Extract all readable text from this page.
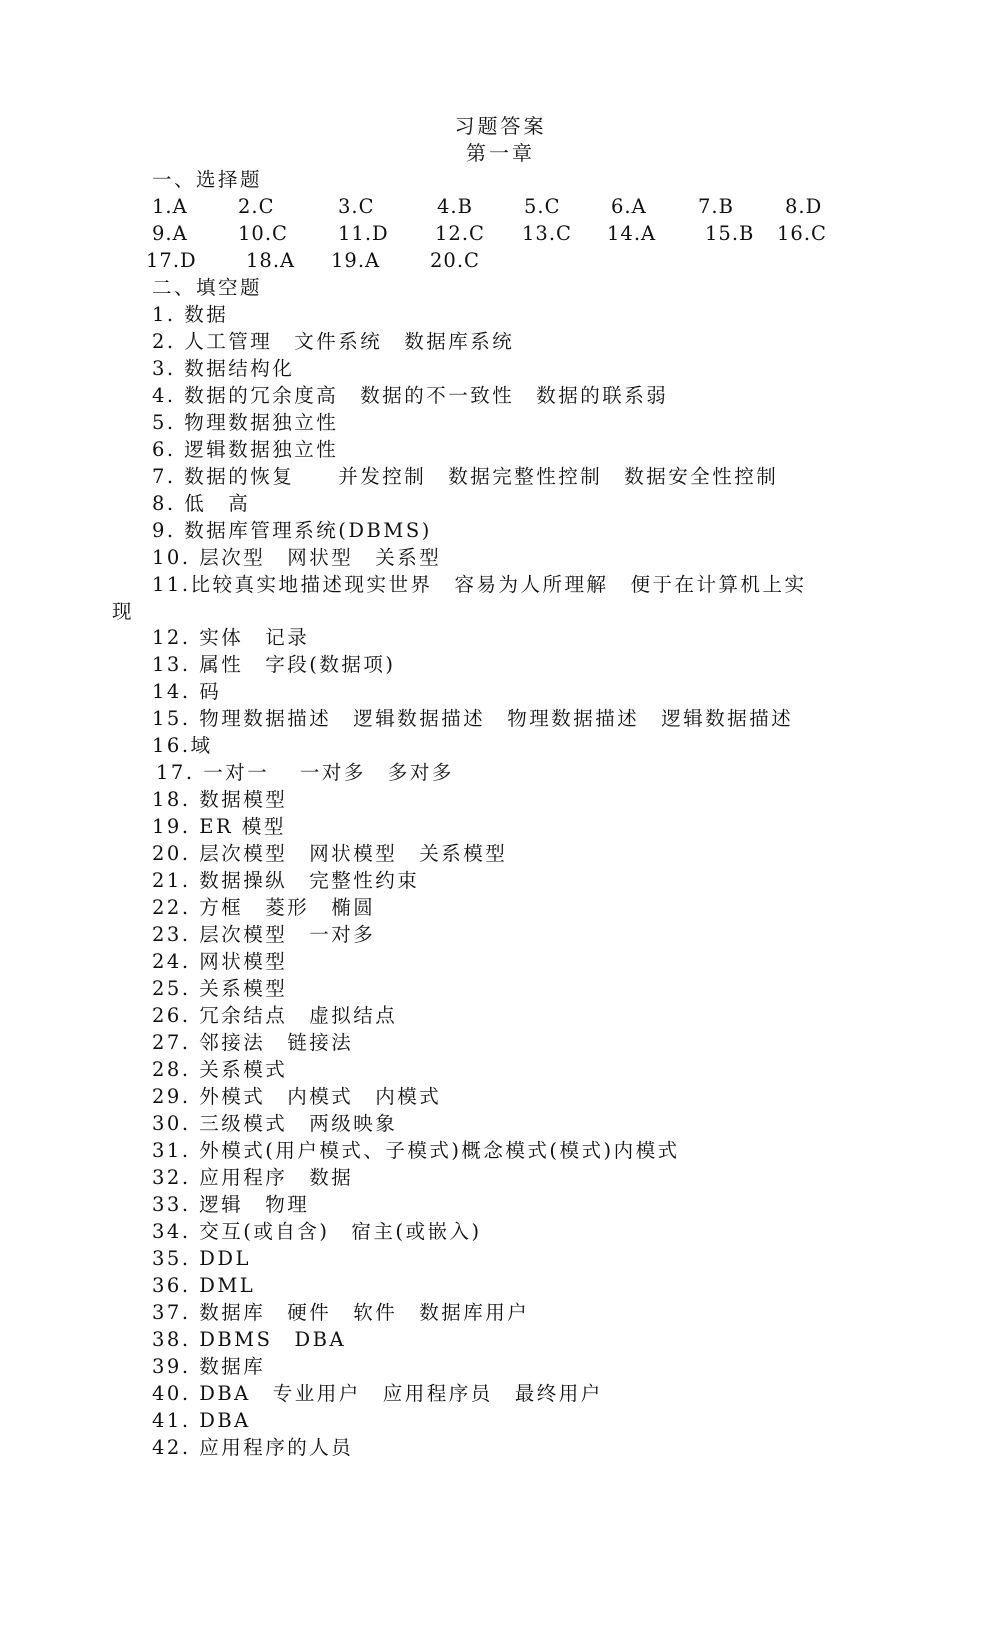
习题答案
第一章
一、选择题
1.A	2.C	3.C	4.B	5.C	6.A	7.B	8.D
9.A	10.C	11.D 12.C 13.C 14.A	15.B 16.C
17.D	18.A 19.A	20.C
二、填空题
1. 数据
2. 人工管理　文件系统　数据库系统
3. 数据结构化
4. 数据的冗余度高　数据的不一致性　数据的联系弱
5. 物理数据独立性
6. 逻辑数据独立性
7. 数据的恢复　　并发控制　数据完整性控制　数据安全性控制
8. 低　高
9. 数据库管理系统(DBMS)
10. 层次型　网状型　关系型
11.比较真实地描述现实世界　容易为人所理解　便于在计算机上实
现
12. 实体　记录
13. 属性　字段(数据项)
14. 码
15. 物理数据描述　逻辑数据描述　物理数据描述　逻辑数据描述
16.域
17. 一对一　 一对多　多对多
18. 数据模型
19. ER 模型
20. 层次模型　网状模型　关系模型
21. 数据操纵　完整性约束
22. 方框　菱形　椭圆
23. 层次模型　一对多
24. 网状模型
25. 关系模型
26. 冗余结点　虚拟结点
27. 邻接法　链接法
28. 关系模式
29. 外模式　内模式　内模式
30. 三级模式　两级映象
31. 外模式(用户模式、子模式)概念模式(模式)内模式
32. 应用程序　数据
33. 逻辑　物理
34. 交互(或自含)　宿主(或嵌入)
35. DDL
36. DML
37. 数据库　硬件　软件　数据库用户
38. DBMS　DBA
39. 数据库
40. DBA　专业用户　应用程序员　最终用户
41. DBA
42. 应用程序的人员
